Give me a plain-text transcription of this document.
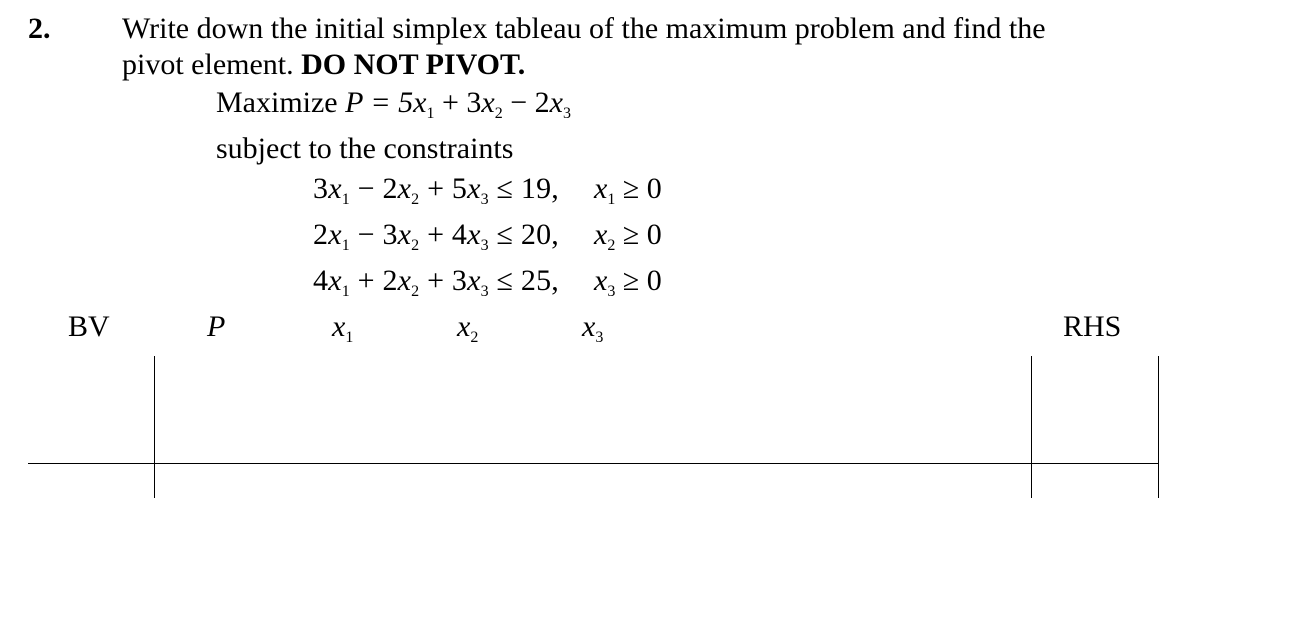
2. Write down the initial simplex tableau of the maximum problem and find the
pivot element. DO NOT PIVOT.
Maximize $P = 5x_1 + 3x_2 - 2x_3$
subject to the constraints
$3x_1 - 2x_2 + 5x_3 \le 19$, $x_1 \ge 0$
$2x_1 - 3x_2 + 4x_3 \le 20$, $x_2 \ge 0$
$4x_1 + 2x_2 + 3x_3 \le 25$, $x_3 \ge 0$
BV	P	$x_1$	$x_2$	$x_3$	RHS
